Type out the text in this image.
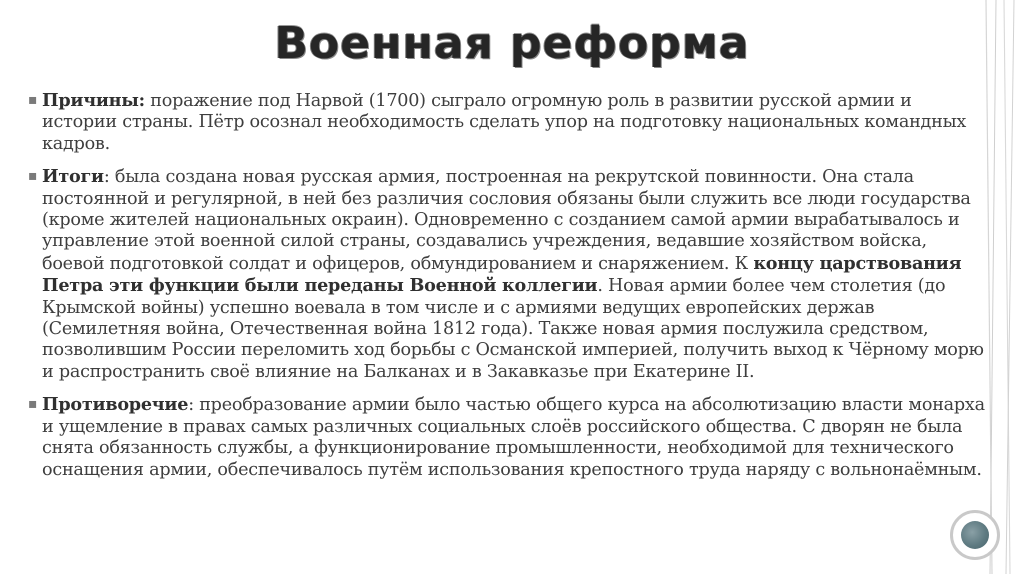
Военная реформа

▪ Причины: поражение под Нарвой (1700) сыграло огромную роль в развитии русской армии и истории страны. Пётр осознал необходимость сделать упор на подготовку национальных командных кадров.

▪ Итоги: была создана новая русская армия, построенная на рекрутской повинности. Она стала постоянной и регулярной, в ней без различия сословия обязаны были служить все люди государства (кроме жителей национальных окраин). Одновременно с созданием самой армии вырабатывалось и управление этой военной силой страны, создавались учреждения, ведавшие хозяйством войска, боевой подготовкой солдат и офицеров, обмундированием и снаряжением. К концу царствования Петра эти функции были переданы Военной коллегии. Новая армии более чем столетия (до Крымской войны) успешно воевала в том числе и с армиями ведущих европейских держав (Семилетняя война, Отечественная война 1812 года). Также новая армия послужила средством, позволившим России переломить ход борьбы с Османской империей, получить выход к Чёрному морю и распространить своё влияние на Балканах и в Закавказье при Екатерине II.

▪ Противоречие: преобразование армии было частью общего курса на абсолютизацию власти монарха и ущемление в правах самых различных социальных слоёв российского общества. С дворян не была снята обязанность службы, а функционирование промышленности, необходимой для технического оснащения армии, обеспечивалось путём использования крепостного труда наряду с вольнонаёмным.
